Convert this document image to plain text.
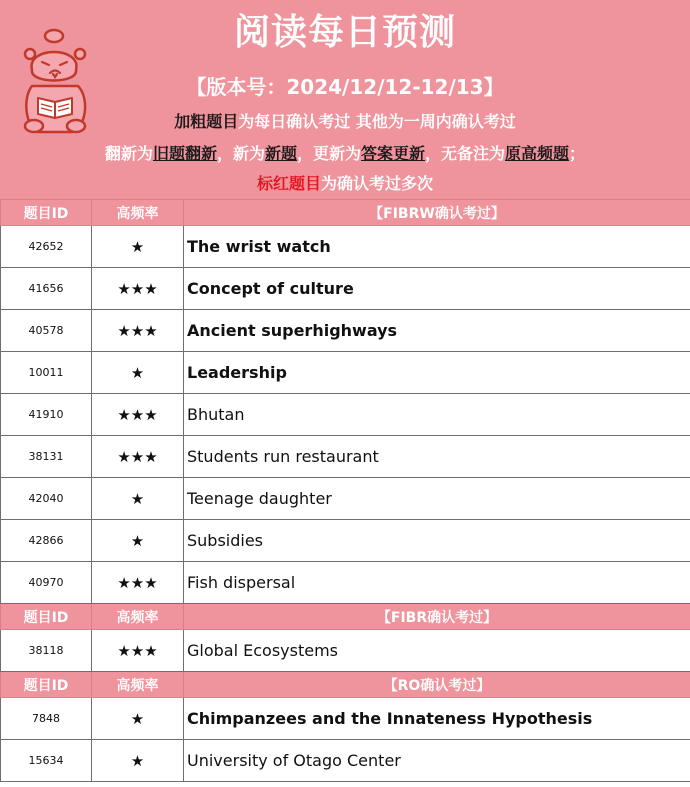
阅读每日预测
【版本号：2024/12/12-12/13】
加粗题目为每日确认考过 其他为一周内确认考过
翻新为旧题翻新，新为新题，更新为答案更新，无备注为原高频题；
标红题目为确认考过多次
题目ID	高频率	【FIBRW确认考过】
42652	★	The wrist watch
41656	★★★	Concept of culture
40578	★★★	Ancient superhighways
10011	★	Leadership
41910	★★★	Bhutan
38131	★★★	Students run restaurant
42040	★	Teenage daughter
42866	★	Subsidies
40970	★★★	Fish dispersal
题目ID	高频率	【FIBR确认考过】
38118	★★★	Global Ecosystems
题目ID	高频率	【RO确认考过】
7848	★	Chimpanzees and the Innateness Hypothesis
15634	★	University of Otago Center
